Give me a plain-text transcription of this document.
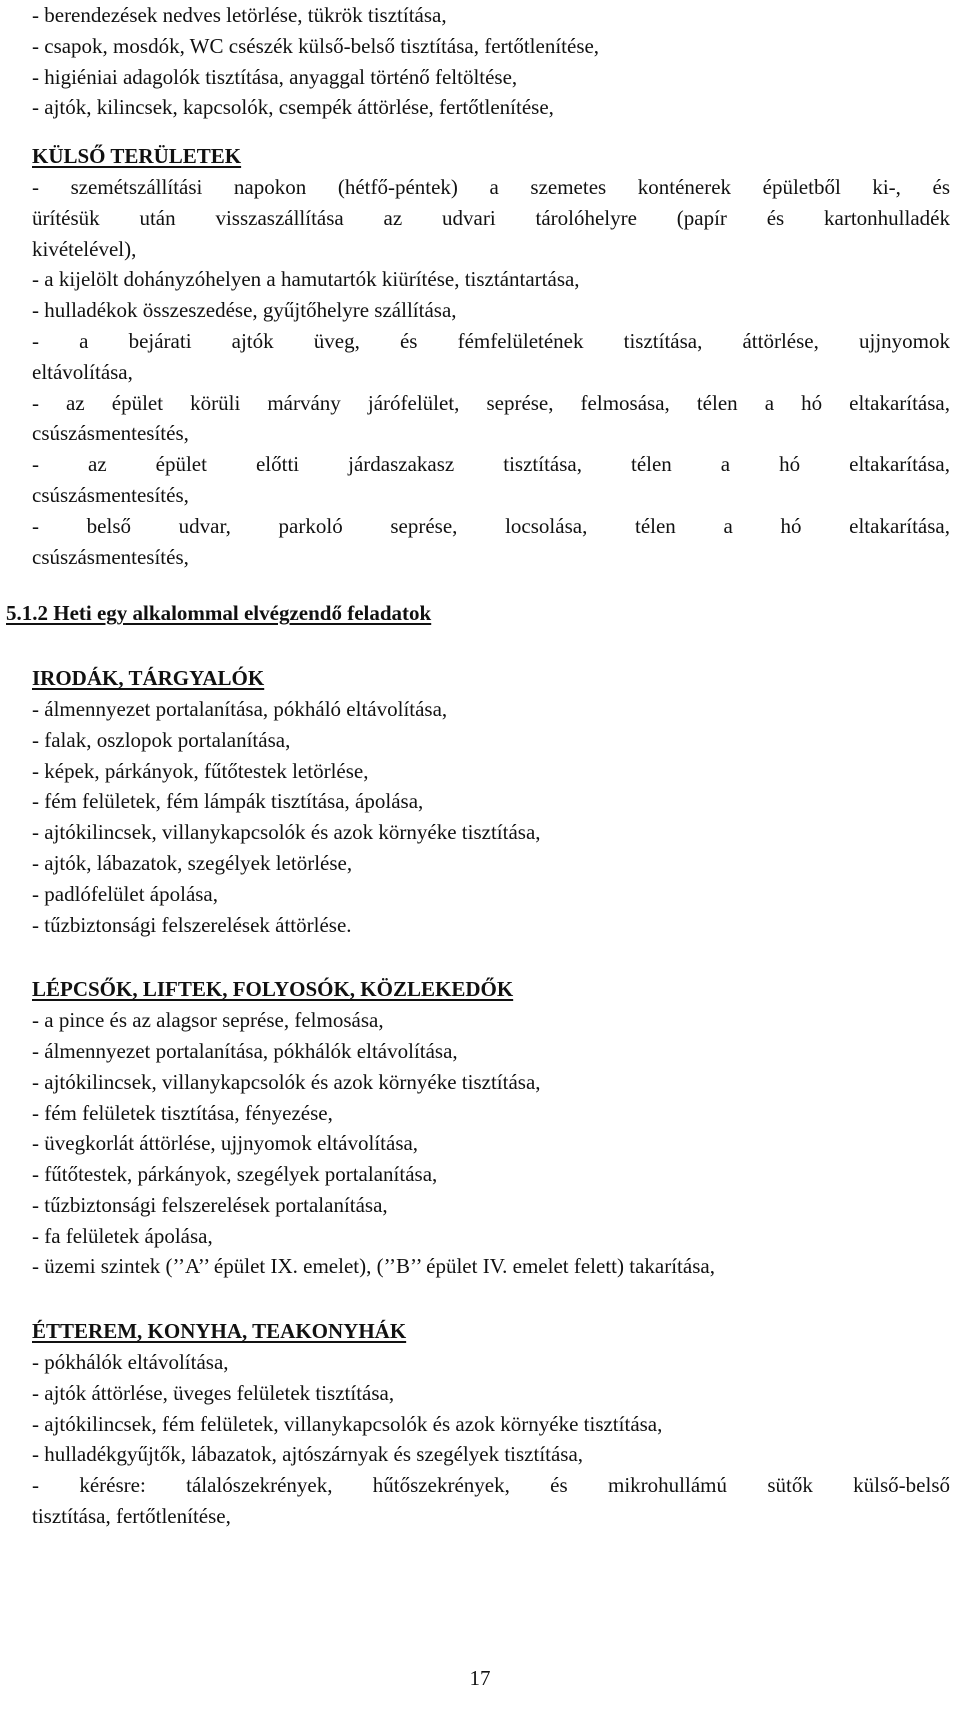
- berendezések nedves letörlése, tükrök tisztítása,
- csapok, mosdók, WC csészék külső-belső tisztítása, fertőtlenítése,
- higiéniai adagolók tisztítása, anyaggal történő feltöltése,
- ajtók, kilincsek, kapcsolók, csempék áttörlése, fertőtlenítése,
KÜLSŐ TERÜLETEK
- szemétszállítási napokon (hétfő-péntek) a szemetes konténerek épületből ki-, és
ürítésük után visszaszállítása az udvari tárolóhelyre (papír és kartonhulladék
kivételével),
- a kijelölt dohányzóhelyen a hamutartók kiürítése, tisztántartása,
- hulladékok összeszedése, gyűjtőhelyre szállítása,
- a bejárati ajtók üveg, és fémfelületének tisztítása, áttörlése, ujjnyomok
eltávolítása,
- az épület körüli márvány járófelület, seprése, felmosása, télen a hó eltakarítása,
csúszásmentesítés,
- az épület előtti járdaszakasz tisztítása, télen a hó eltakarítása,
csúszásmentesítés,
- belső udvar, parkoló seprése, locsolása, télen a hó eltakarítása,
csúszásmentesítés,
5.1.2 Heti egy alkalommal elvégzendő feladatok
IRODÁK, TÁRGYALÓK
- álmennyezet portalanítása, pókháló eltávolítása,
- falak, oszlopok portalanítása,
- képek, párkányok, fűtőtestek letörlése,
- fém felületek, fém lámpák tisztítása, ápolása,
- ajtókilincsek, villanykapcsolók és azok környéke tisztítása,
- ajtók, lábazatok, szegélyek letörlése,
- padlófelület ápolása,
- tűzbiztonsági felszerelések áttörlése.
LÉPCSŐK, LIFTEK, FOLYOSÓK, KÖZLEKEDŐK
- a pince és az alagsor seprése, felmosása,
- álmennyezet portalanítása, pókhálók eltávolítása,
- ajtókilincsek, villanykapcsolók és azok környéke tisztítása,
- fém felületek tisztítása, fényezése,
- üvegkorlát áttörlése, ujjnyomok eltávolítása,
- fűtőtestek, párkányok, szegélyek portalanítása,
- tűzbiztonsági felszerelések portalanítása,
- fa felületek ápolása,
- üzemi szintek (’’A’’ épület IX. emelet), (’’B’’ épület IV. emelet felett) takarítása,
ÉTTEREM, KONYHA, TEAKONYHÁK
- pókhálók eltávolítása,
- ajtók áttörlése, üveges felületek tisztítása,
- ajtókilincsek, fém felületek, villanykapcsolók és azok környéke tisztítása,
- hulladékgyűjtők, lábazatok, ajtószárnyak és szegélyek tisztítása,
- kérésre: tálalószekrények, hűtőszekrények, és mikrohullámú sütők külső-belső
tisztítása, fertőtlenítése,
17
